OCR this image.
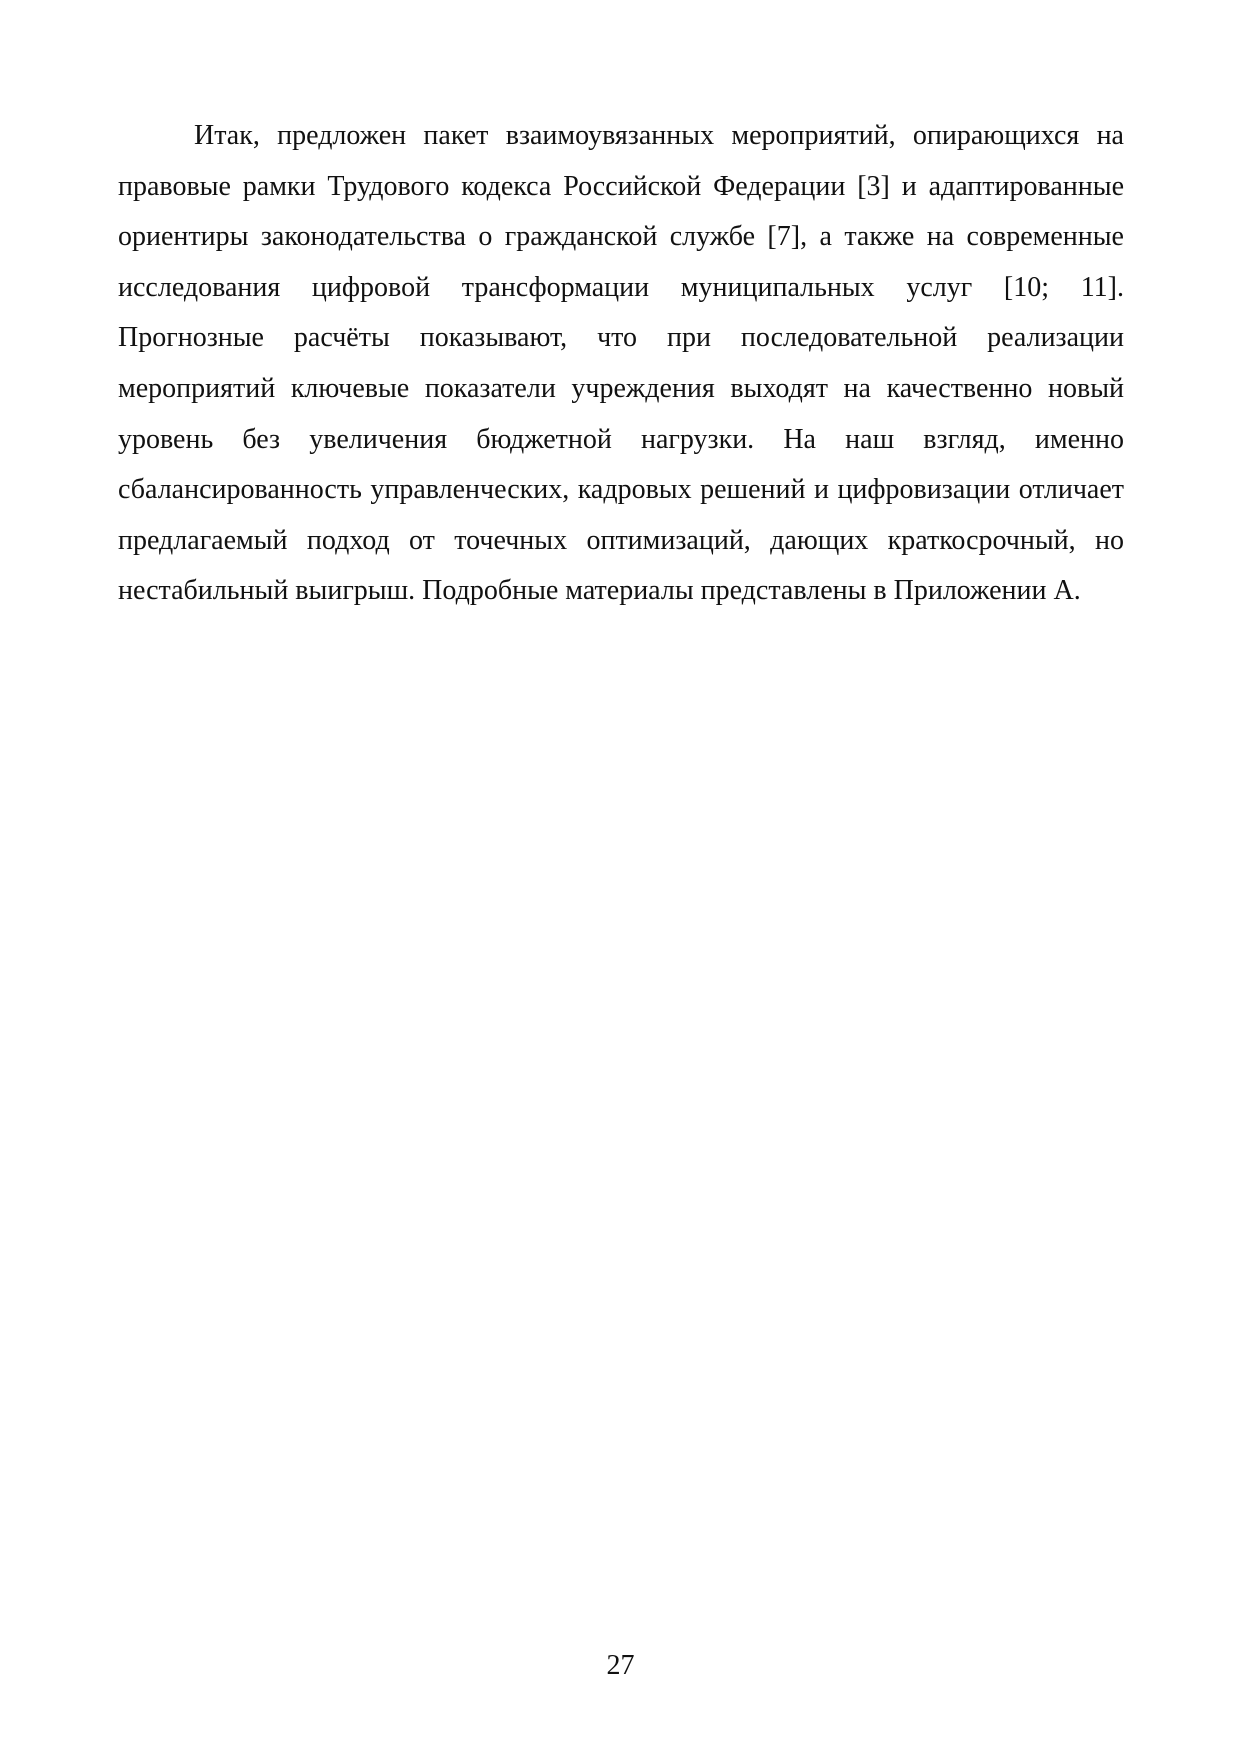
Итак, предложен пакет взаимоувязанных мероприятий, опирающихся на правовые рамки Трудового кодекса Российской Федерации [3] и адаптированные ориентиры законодательства о гражданской службе [7], а также на современные исследования цифровой трансформации муниципальных услуг [10; 11]. Прогнозные расчёты показывают, что при последовательной реализации мероприятий ключевые показатели учреждения выходят на качественно новый уровень без увеличения бюджетной нагрузки. На наш взгляд, именно сбалансированность управленческих, кадровых решений и цифровизации отличает предлагаемый подход от точечных оптимизаций, дающих краткосрочный, но нестабильный выигрыш. Подробные материалы представлены в Приложении А.

27
